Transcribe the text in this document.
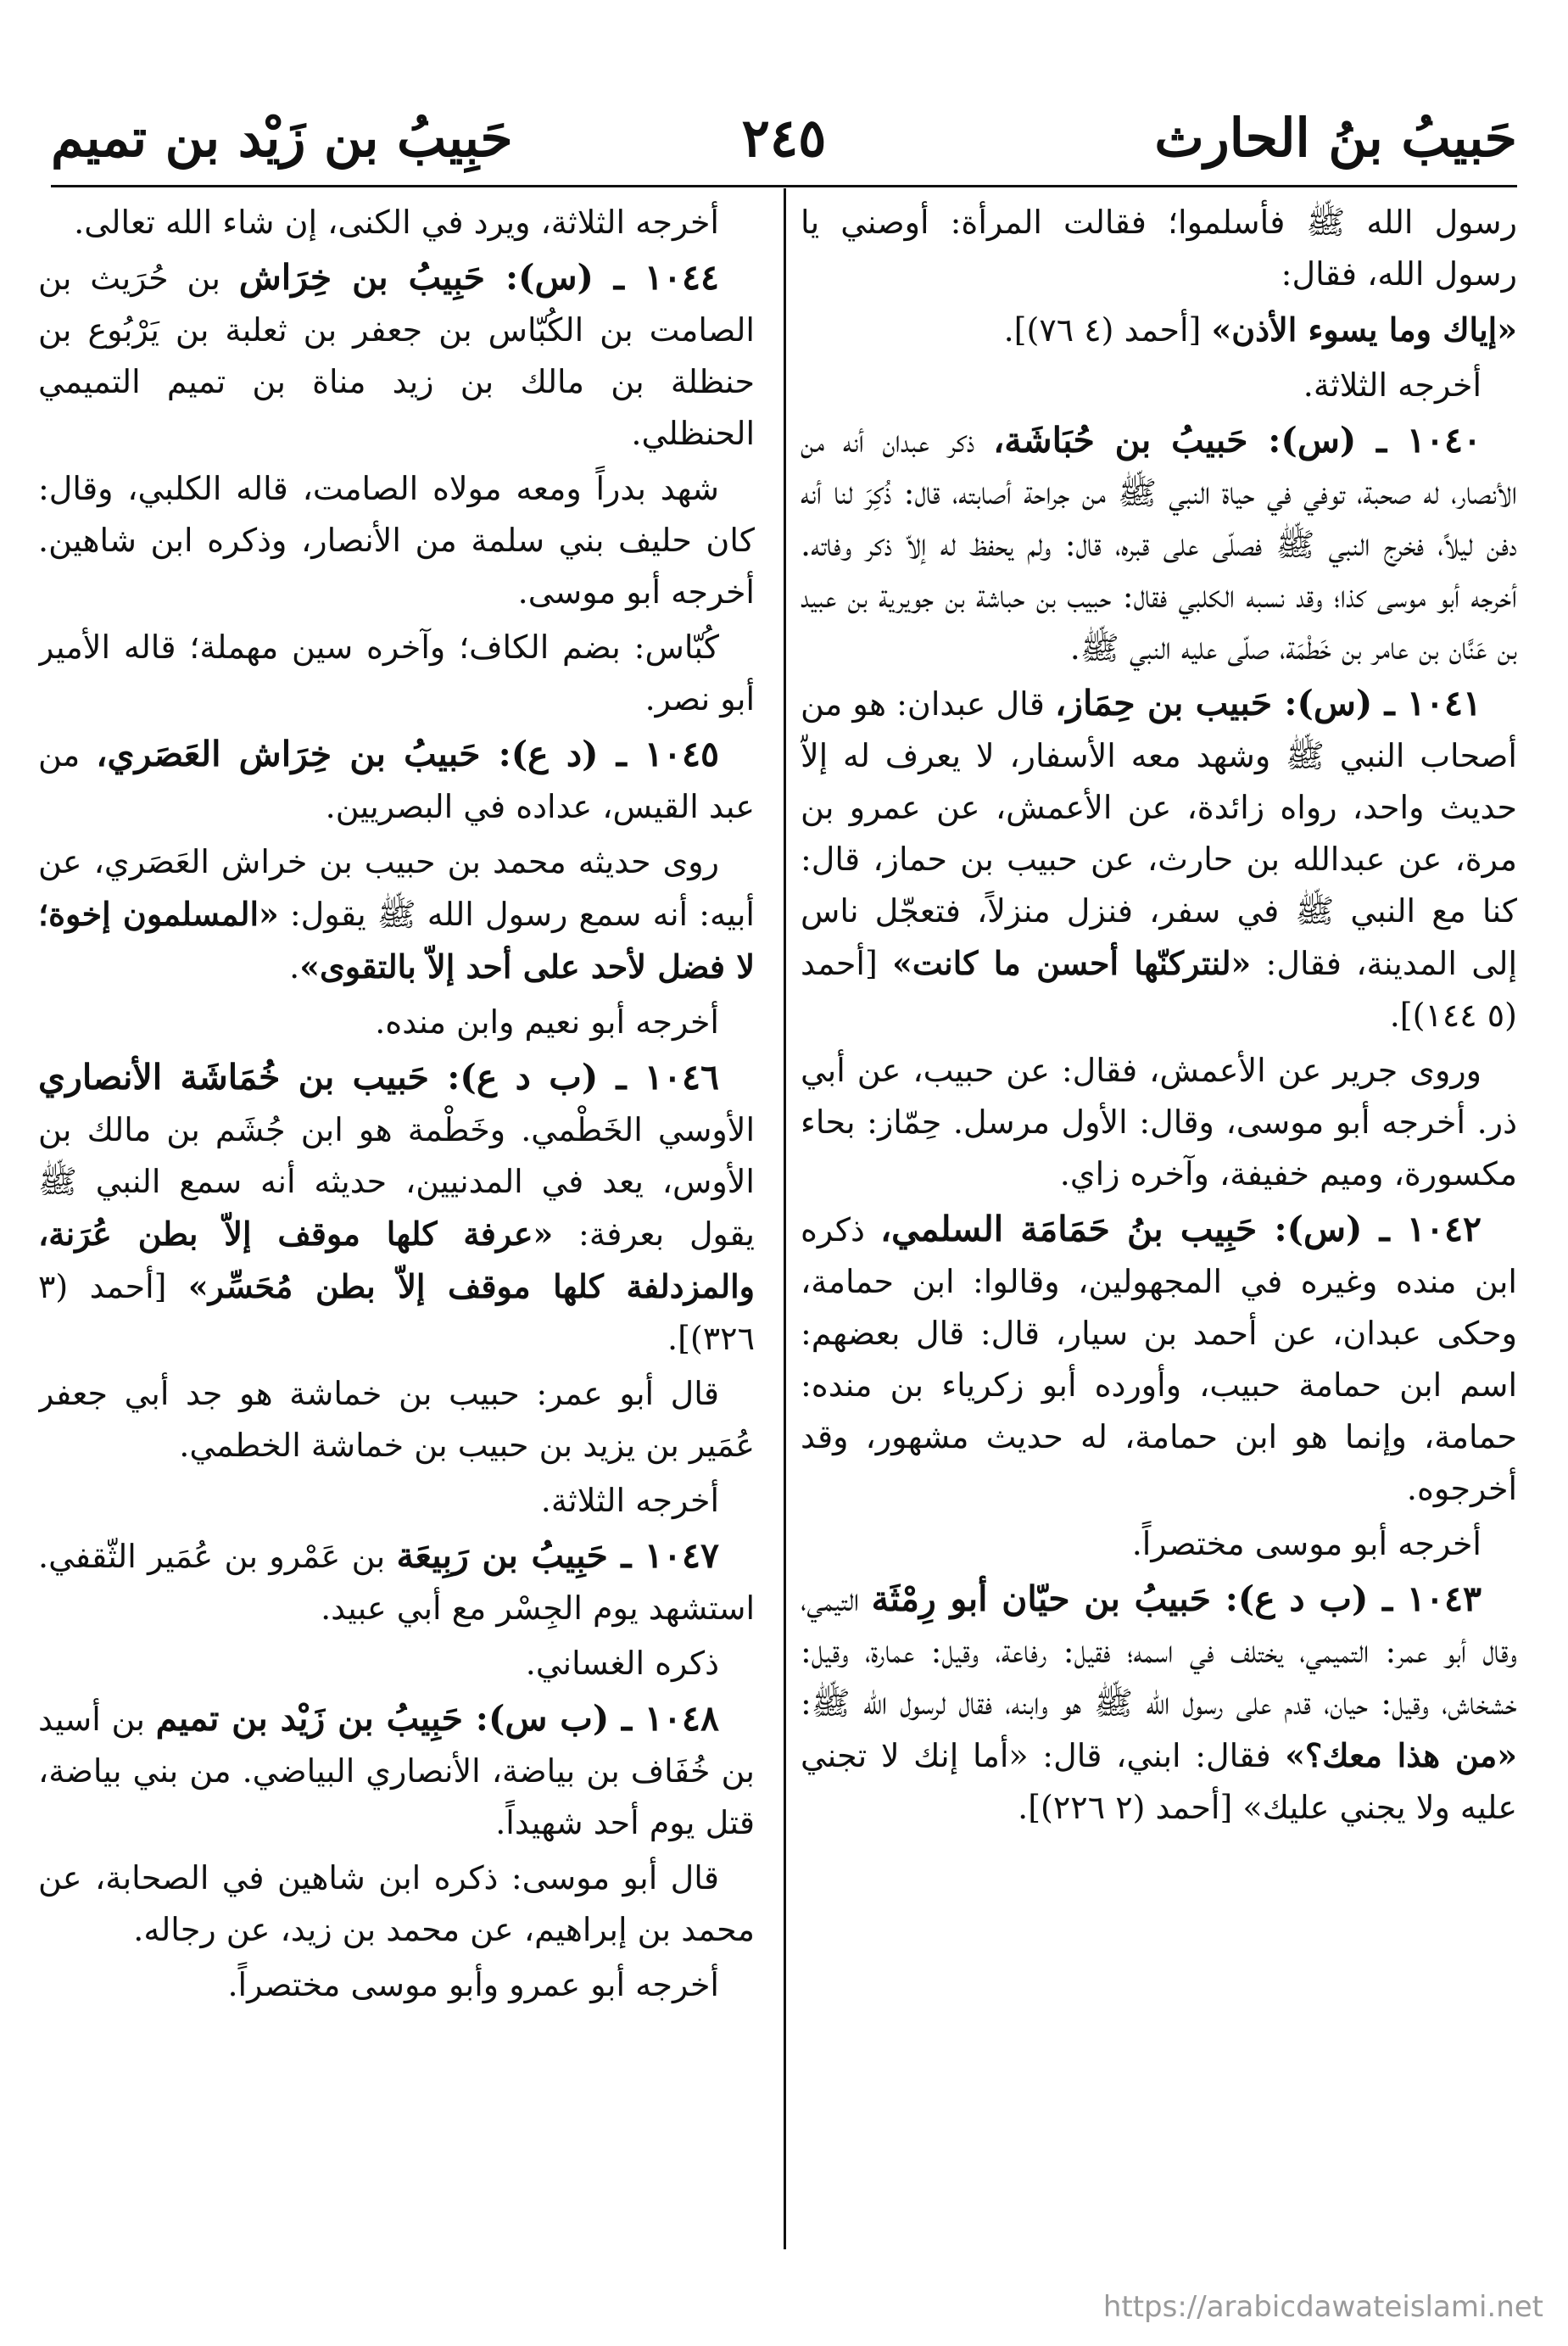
حَبيبُ بنُ الحارث
٢٤٥
حَبِيبُ بن زَيْد بن تميم

رسول الله ﷺ فأسلموا؛ فقالت المرأة: أوصني يا رسول الله، فقال:

«إياك وما يسوء الأذن» [أحمد (٤ ٧٦)].

أخرجه الثلاثة.

١٠٤٠ ـ (س): حَبيبُ بن حُبَاشَة، ذكر عبدان أنه من الأنصار، له صحبة، توفي في حياة النبي ﷺ من جراحة أصابته، قال: ذُكِرَ لنا أنه دفن ليلاً، فخرج النبي ﷺ فصلّى على قبره، قال: ولم يحفظ له إلاّ ذكر وفاته. أخرجه أبو موسى كذا؛ وقد نسبه الكلبي فقال: حبيب بن حباشة بن جويرية بن عبيد بن عَنَّان بن عامر بن خَطْمَة، صلّى عليه النبي ﷺ.

١٠٤١ ـ (س): حَبيب بن حِمَاز، قال عبدان: هو من أصحاب النبي ﷺ وشهد معه الأسفار، لا يعرف له إلاّ حديث واحد، رواه زائدة، عن الأعمش، عن عمرو بن مرة، عن عبدالله بن حارث، عن حبيب بن حماز، قال: كنا مع النبي ﷺ في سفر، فنزل منزلاً، فتعجّل ناس إلى المدينة، فقال: «لنتركنّها أحسن ما كانت» [أحمد (٥ ١٤٤)].

وروى جرير عن الأعمش، فقال: عن حبيب، عن أبي ذر. أخرجه أبو موسى، وقال: الأول مرسل. حِمّاز: بحاء مكسورة، وميم خفيفة، وآخره زاي.

١٠٤٢ ـ (س): حَبِيب بنُ حَمَامَة السلمي، ذكره ابن منده وغيره في المجهولين، وقالوا: ابن حمامة، وحكى عبدان، عن أحمد بن سيار، قال: قال بعضهم: اسم ابن حمامة حبيب، وأورده أبو زكرياء بن منده: حمامة، وإنما هو ابن حمامة، له حديث مشهور، وقد أخرجوه.

أخرجه أبو موسى مختصراً.

١٠٤٣ ـ (ب د ع): حَبيبُ بن حيّان أبو رِمْثَة التيمي، وقال أبو عمر: التميمي، يختلف في اسمه؛ فقيل: رفاعة، وقيل: عمارة، وقيل: خشخاش، وقيل: حيان، قدم على رسول الله ﷺ هو وابنه، فقال لرسول الله ﷺ: «من هذا معك؟» فقال: ابني، قال: «أما إنك لا تجني عليه ولا يجني عليك» [أحمد (٢ ٢٢٦)].

أخرجه الثلاثة، ويرد في الكنى، إن شاء الله تعالى.

١٠٤٤ ـ (س): حَبِيبُ بن خِرَاش بن حُرَيث بن الصامت بن الكُبّاس بن جعفر بن ثعلبة بن يَرْبُوع بن حنظلة بن مالك بن زيد مناة بن تميم التميمي الحنظلي.

شهد بدراً ومعه مولاه الصامت، قاله الكلبي، وقال: كان حليف بني سلمة من الأنصار، وذكره ابن شاهين. أخرجه أبو موسى.

كُبّاس: بضم الكاف؛ وآخره سين مهملة؛ قاله الأمير أبو نصر.

١٠٤٥ ـ (د ع): حَبيبُ بن خِرَاش العَصَري، من عبد القيس، عداده في البصريين.

روى حديثه محمد بن حبيب بن خراش العَصَري، عن أبيه: أنه سمع رسول الله ﷺ يقول: «المسلمون إخوة؛ لا فضل لأحد على أحد إلاّ بالتقوى».

أخرجه أبو نعيم وابن منده.

١٠٤٦ ـ (ب د ع): حَبيب بن خُمَاشَة الأنصاري الأوسي الخَطْمي. وخَطْمة هو ابن جُشَم بن مالك بن الأوس، يعد في المدنيين، حديثه أنه سمع النبي ﷺ يقول بعرفة: «عرفة كلها موقف إلاّ بطن عُرَنة، والمزدلفة كلها موقف إلاّ بطن مُحَسِّر» [أحمد (٣ ٣٢٦)].

قال أبو عمر: حبيب بن خماشة هو جد أبي جعفر عُمَير بن يزيد بن حبيب بن خماشة الخطمي.

أخرجه الثلاثة.

١٠٤٧ ـ حَبِيبُ بن رَبِيعَة بن عَمْرو بن عُمَير الثّقفي. استشهد يوم الجِسْر مع أبي عبيد.

ذكره الغساني.

١٠٤٨ ـ (ب س): حَبِيبُ بن زَيْد بن تميم بن أسيد بن خُفَاف بن بياضة، الأنصاري البياضي. من بني بياضة، قتل يوم أحد شهيداً.

قال أبو موسى: ذكره ابن شاهين في الصحابة، عن محمد بن إبراهيم، عن محمد بن زيد، عن رجاله.

أخرجه أبو عمرو وأبو موسى مختصراً.

https://arabicdawateislami.net
